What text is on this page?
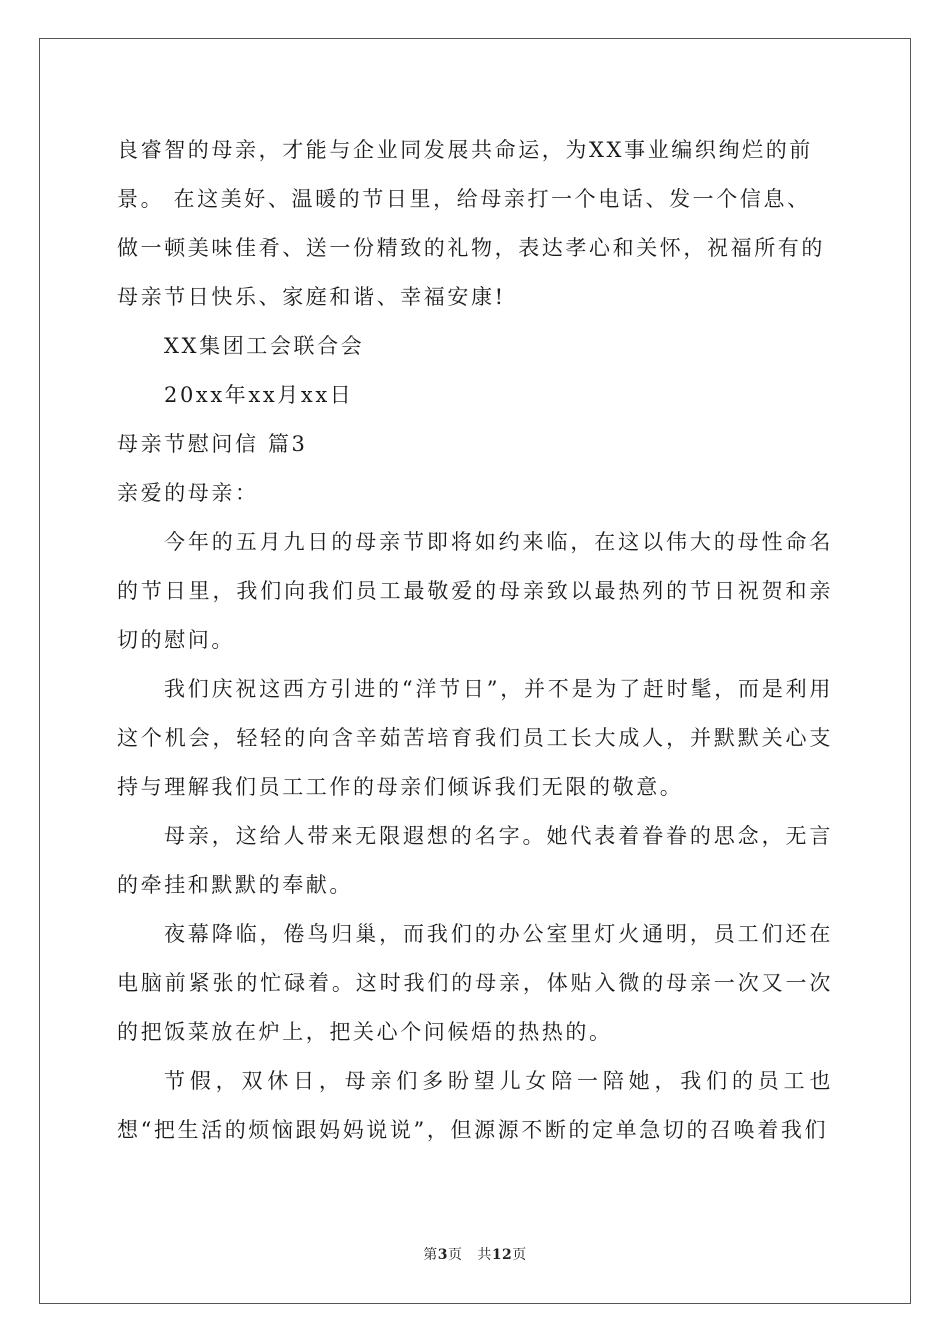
良睿智的母亲，才能与企业同发展共命运，为XX事业编织绚烂的前
景。 在这美好、温暖的节日里，给母亲打一个电话、发一个信息、
做一顿美味佳肴、送一份精致的礼物，表达孝心和关怀，祝福所有的
母亲节日快乐、家庭和谐、幸福安康!
XX集团工会联合会
20xx年xx月xx日
母亲节慰问信 篇3
亲爱的母亲：

今年的五月九日的母亲节即将如约来临，在这以伟大的母性命名的节日里，我们向我们员工最敬爱的母亲致以最热列的节日祝贺和亲切的慰问。

我们庆祝这西方引进的“洋节日”，并不是为了赶时髦，而是利用这个机会，轻轻的向含辛茹苦培育我们员工长大成人，并默默关心支持与理解我们员工工作的母亲们倾诉我们无限的敬意。

母亲，这给人带来无限遐想的名字。她代表着眷眷的思念，无言的牵挂和默默的奉献。

夜幕降临，倦鸟归巢，而我们的办公室里灯火通明，员工们还在电脑前紧张的忙碌着。这时我们的母亲，体贴入微的母亲一次又一次的把饭菜放在炉上，把关心个问候焐的热热的。

节假，双休日，母亲们多盼望儿女陪一陪她，我们的员工也想“把生活的烦恼跟妈妈说说”，但源源不断的定单急切的召唤着我们

第3页 共12页
